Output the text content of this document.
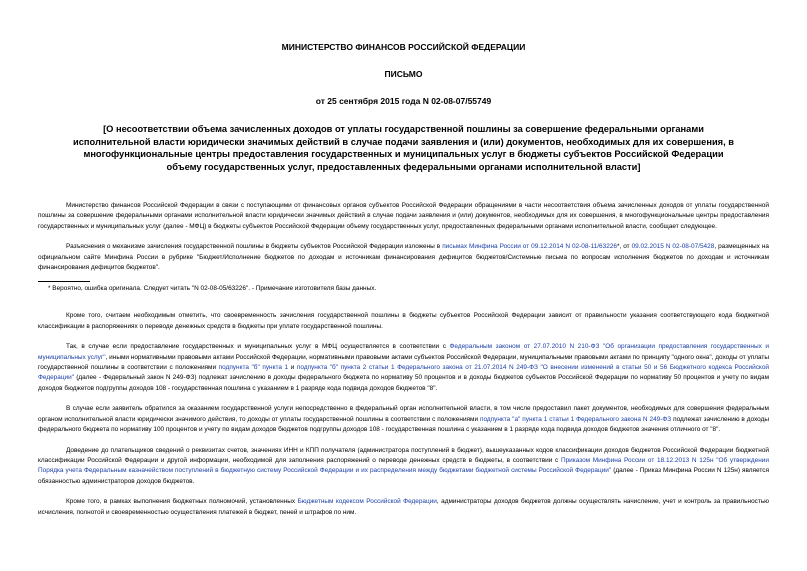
МИНИСТЕРСТВО ФИНАНСОВ РОССИЙСКОЙ ФЕДЕРАЦИИ
ПИСЬМО
от 25 сентября 2015 года N 02-08-07/55749
[О несоответствии объема зачисленных доходов от уплаты государственной пошлины за совершение федеральными органами исполнительной власти юридически значимых действий в случае подачи заявления и (или) документов, необходимых для их совершения, в многофункциональные центры предоставления государственных и муниципальных услуг в бюджеты субъектов Российской Федерации объему государственных услуг, предоставленных федеральными органами исполнительной власти]

Министерство финансов Российской Федерации в связи с поступающими от финансовых органов субъектов Российской Федерации обращениями в части несоответствия объема зачисленных доходов от уплаты государственной пошлины за совершение федеральными органами исполнительной власти юридически значимых действий в случае подачи заявления и (или) документов, необходимых для их совершения, в многофункциональные центры предоставления государственных и муниципальных услуг (далее - МФЦ) в бюджеты субъектов Российской Федерации объему государственных услуг, предоставленных федеральными органами исполнительной власти, сообщает следующее.

Разъяснения о механизме зачисления государственной пошлины в бюджеты субъектов Российской Федерации изложены в письмах Минфина России от 09.12.2014 N 02-08-11/63226*, от 09.02.2015 N 02-08-07/5428, размещенных на официальном сайте Минфина России в рубрике "Бюджет/Исполнение бюджетов по доходам и источникам финансирования дефицитов бюджетов/Системные письма по вопросам исполнения бюджетов по доходам и источникам финансирования дефицитов бюджетов".

* Вероятно, ошибка оригинала. Следует читать "N 02-08-05/63226". - Примечание изготовителя базы данных.

Кроме того, считаем необходимым отметить, что своевременность зачисления государственной пошлины в бюджеты субъектов Российской Федерации зависит от правильности указания соответствующего кода бюджетной классификации в распоряжениях о переводе денежных средств в бюджеты при уплате государственной пошлины.

Так, в случае если предоставление государственных и муниципальных услуг в МФЦ осуществляется в соответствии с Федеральным законом от 27.07.2010 N 210-ФЗ "Об организации предоставления государственных и муниципальных услуг", иными нормативными правовыми актами Российской Федерации, нормативными правовыми актами субъектов Российской Федерации, муниципальными правовыми актами по принципу "одного окна", доходы от уплаты государственной пошлины в соответствии с положениями подпункта "б" пункта 1 и подпункта "б" пункта 2 статьи 1 Федерального закона от 21.07.2014 N 249-ФЗ "О внесении изменений в статьи 50 и 56 Бюджетного кодекса Российской Федерации" (далее - Федеральный закон N 249-ФЗ) подлежат зачислению в доходы федерального бюджета по нормативу 50 процентов и в доходы бюджетов субъектов Российской Федерации по нормативу 50 процентов и учету по видам доходов бюджетов подгруппы доходов 108 - государственная пошлина с указанием в 1 разряде кода подвида доходов бюджетов "8".

В случае если заявитель обратился за оказанием государственной услуги непосредственно в федеральный орган исполнительной власти, в том числе предоставил пакет документов, необходимых для совершения федеральным органом исполнительной власти юридически значимого действия, то доходы от уплаты государственной пошлины в соответствии с положениями подпункта "а" пункта 1 статьи 1 Федерального закона N 249-ФЗ подлежат зачислению в доходы федерального бюджета по нормативу 100 процентов и учету по видам доходов бюджетов подгруппы доходов 108 - государственная пошлина с указанием в 1 разряде кода подвида доходов бюджетов значения отличного от "8".

Доведение до плательщиков сведений о реквизитах счетов, значениях ИНН и КПП получателя (администратора поступлений в бюджет), вышеуказанных кодов классификации доходов бюджетов Российской Федерации бюджетной классификации Российской Федерации и другой информации, необходимой для заполнения распоряжений о переводе денежных средств в бюджеты, в соответствии с Приказом Минфина России от 18.12.2013 N 125н "Об утверждении Порядка учета Федеральным казначейством поступлений в бюджетную систему Российской Федерации и их распределения между бюджетами бюджетной системы Российской Федерации" (далее - Приказ Минфина России N 125н) является обязанностью администраторов доходов бюджетов.

Кроме того, в рамках выполнения бюджетных полномочий, установленных Бюджетным кодексом Российской Федерации, администраторы доходов бюджетов должны осуществлять начисление, учет и контроль за правильностью исчисления, полнотой и своевременностью осуществления платежей в бюджет, пеней и штрафов по ним.
